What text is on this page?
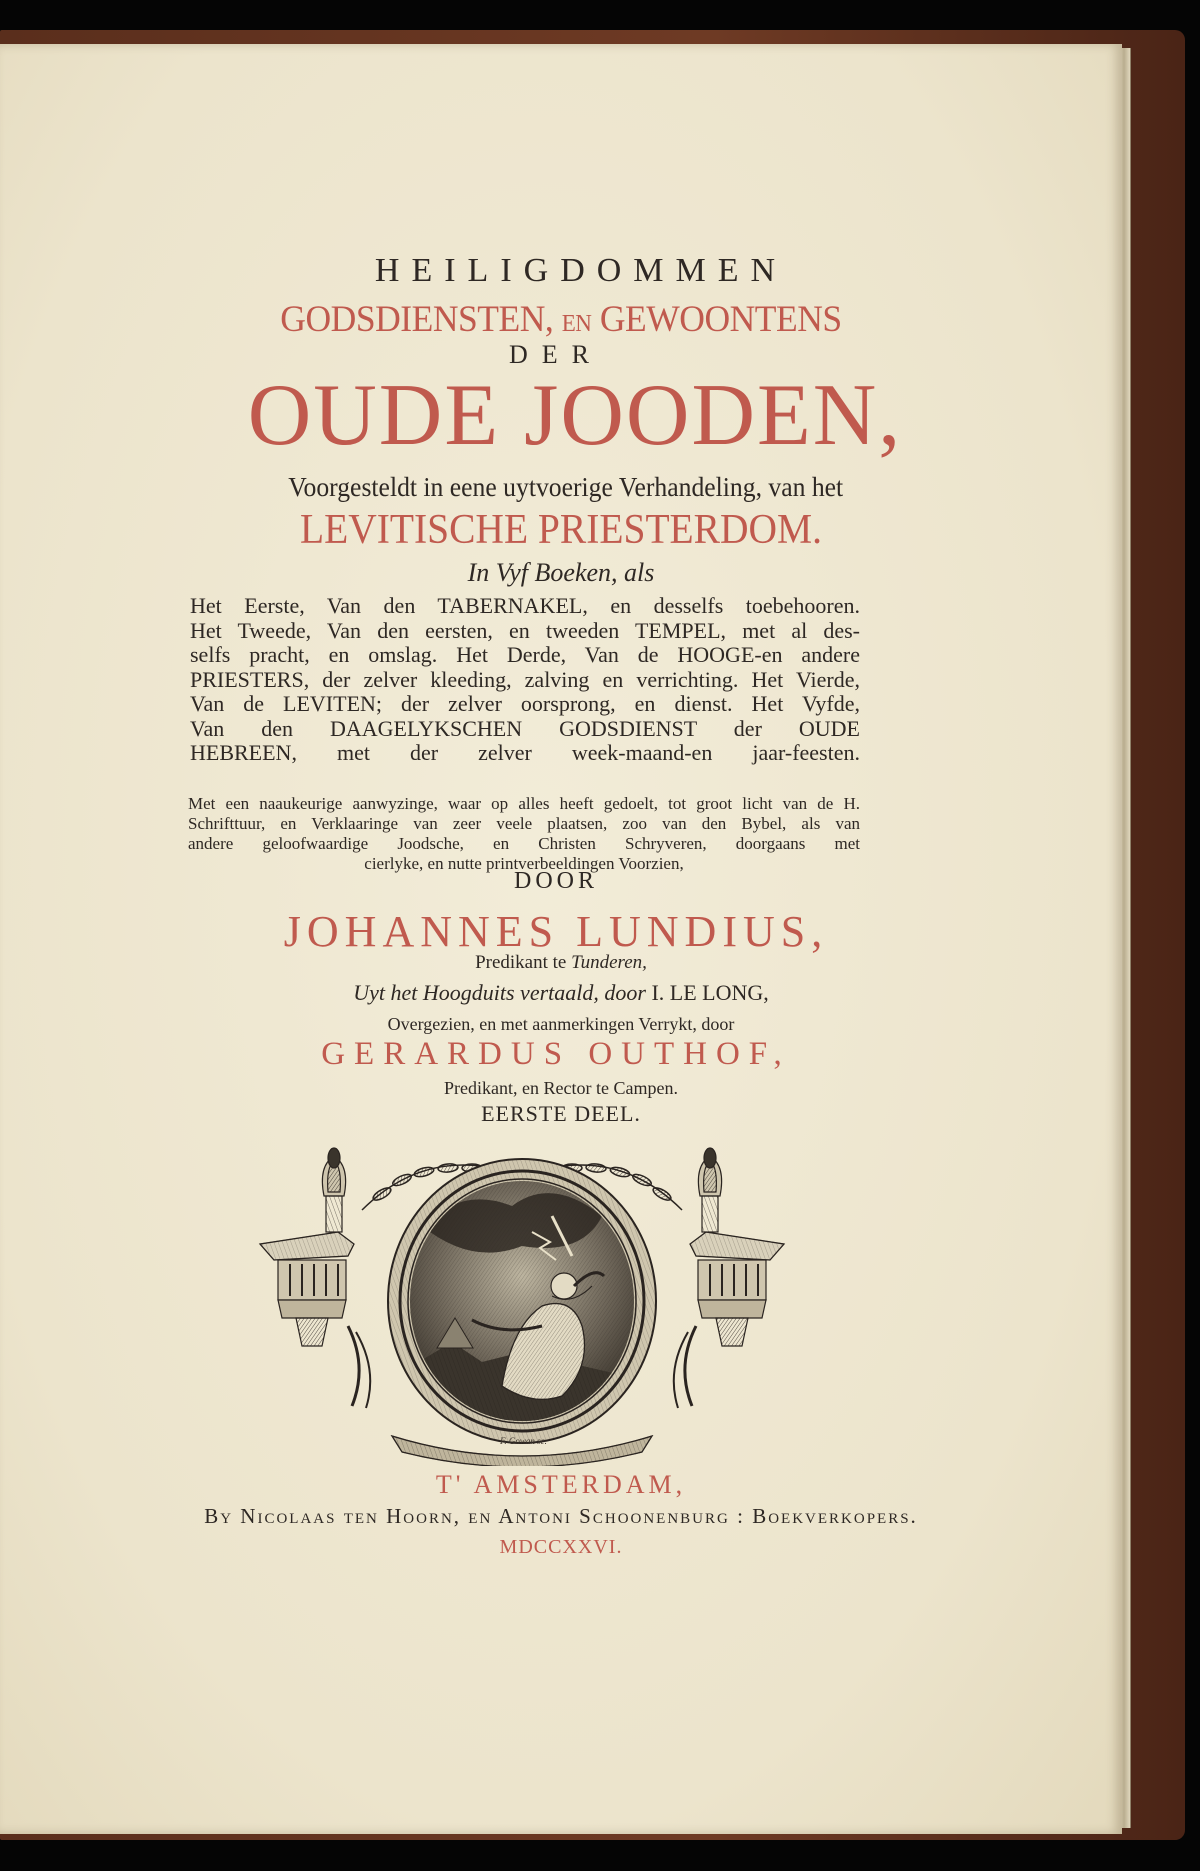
HEILIGDOMMEN
GODSDIENSTEN, EN GEWOONTENS
DER
OUDE JOODEN,
Voorgesteldt in eene uytvoerige Verhandeling, van het
LEVITISCHE PRIESTERDOM.
In Vyf Boeken, als
Het Eerste, Van den TABERNAKEL, en desselfs toebehooren.
Het Tweede, Van den eersten, en tweeden TEMPEL, met al des-
selfs pracht, en omslag. Het Derde, Van de HOOGE-en andere
PRIESTERS, der zelver kleeding, zalving en verrichting. Het Vierde,
Van de LEVITEN; der zelver oorsprong, en dienst. Het Vyfde,
Van den DAAGELYKSCHEN GODSDIENST der OUDE
HEBREEN, met der zelver week-maand-en jaar-feesten.
Met een naaukeurige aanwyzinge, waar op alles heeft gedoelt, tot groot licht van de H.
Schrifttuur, en Verklaaringe van zeer veele plaatsen, zoo van den Bybel, als van
andere geloofwaardige Joodsche, en Christen Schryveren, doorgaans met
cierlyke, en nutte printverbeeldingen Voorzien,
DOOR
JOHANNES LUNDIUS,
Predikant te Tunderen,
Uyt het Hoogduits vertaald, door I. LE LONG,
Overgezien, en met aanmerkingen Verrykt, door
GERARDUS OUTHOF,
Predikant, en Rector te Campen.
EERSTE DEEL.
F. Gowan sc.
T' AMSTERDAM,
By Nicolaas ten Hoorn, en Antoni Schoonenburg : Boekverkopers.
MDCCXXVI.
